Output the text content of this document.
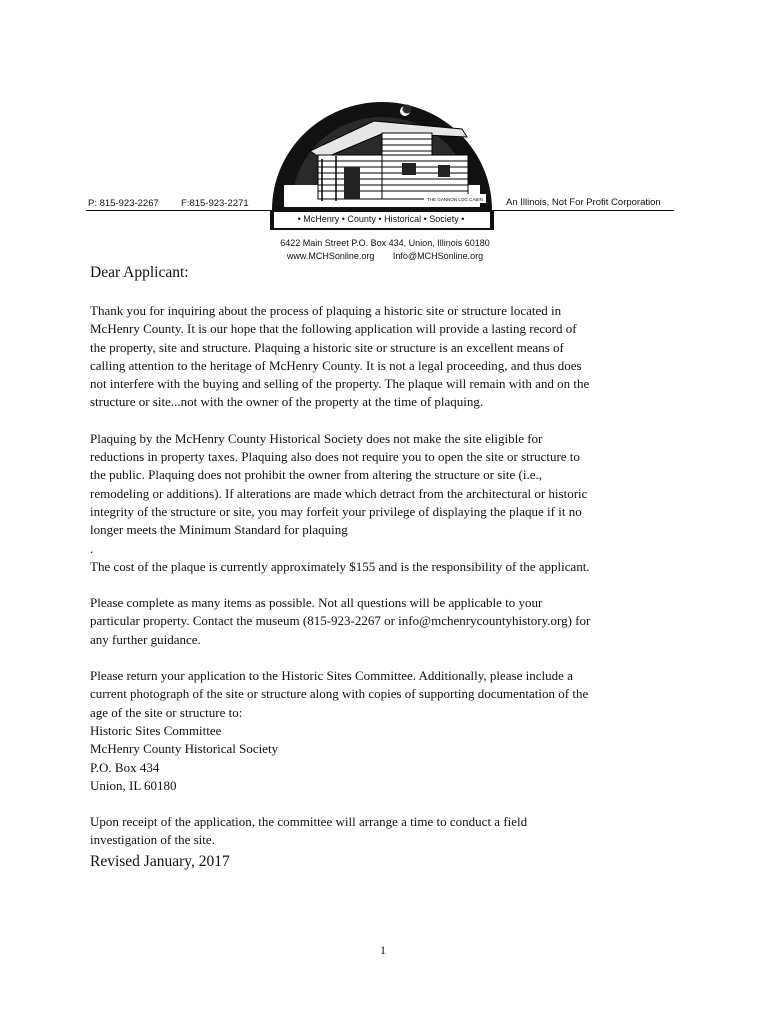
P: 815-923-2267 F:815-923-2271	An Illinois, Not For Profit Corporation
THE GANNON LOG CABIN
• McHenry • County • Historical • Society •
6422 Main Street P.O. Box 434, Union, Illinois 60180
www.MCHSonline.org Info@MCHSonline.org
Dear Applicant:

Thank you for inquiring about the process of plaquing a historic site or structure located in
McHenry County. It is our hope that the following application will provide a lasting record of
the property, site and structure. Plaquing a historic site or structure is an excellent means of
calling attention to the heritage of McHenry County. It is not a legal proceeding, and thus does
not interfere with the buying and selling of the property. The plaque will remain with and on the
structure or site...not with the owner of the property at the time of plaquing.

Plaquing by the McHenry County Historical Society does not make the site eligible for
reductions in property taxes. Plaquing also does not require you to open the site or structure to
the public. Plaquing does not prohibit the owner from altering the structure or site (i.e.,
remodeling or additions). If alterations are made which detract from the architectural or historic
integrity of the structure or site, you may forfeit your privilege of displaying the plaque if it no
longer meets the Minimum Standard for plaquing
.

The cost of the plaque is currently approximately $155 and is the responsibility of the applicant.

Please complete as many items as possible. Not all questions will be applicable to your
particular property. Contact the museum (815-923-2267 or info@mchenrycountyhistory.org) for
any further guidance.

Please return your application to the Historic Sites Committee. Additionally, please include a
current photograph of the site or structure along with copies of supporting documentation of the
age of the site or structure to:
Historic Sites Committee
McHenry County Historical Society
P.O. Box 434
Union, IL 60180

Upon receipt of the application, the committee will arrange a time to conduct a field
investigation of the site.

Revised January, 2017
1
